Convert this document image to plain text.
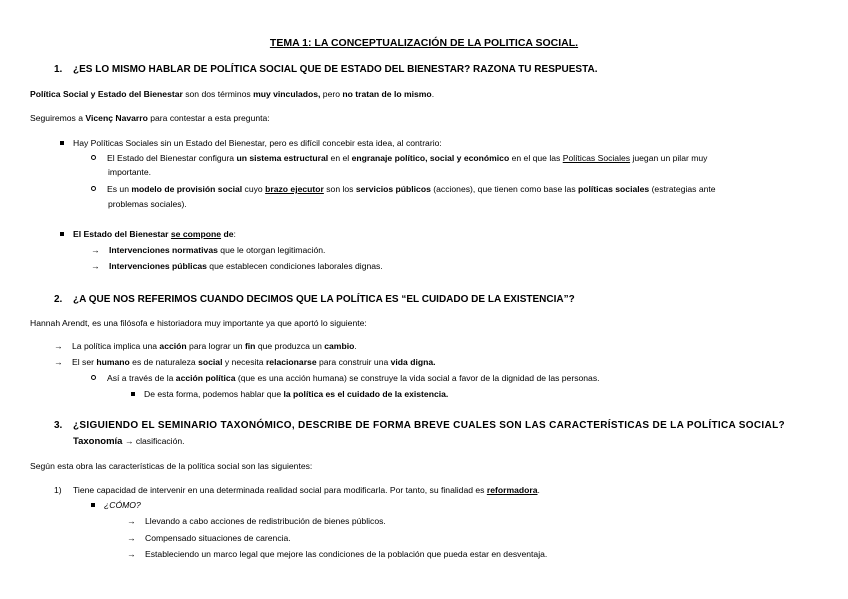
TEMA 1: LA CONCEPTUALIZACIÓN DE LA POLITICA SOCIAL.
1. ¿ES LO MISMO HABLAR DE POLÍTICA SOCIAL QUE DE ESTADO DEL BIENESTAR? RAZONA TU RESPUESTA.
Política Social y Estado del Bienestar son dos términos muy vinculados, pero no tratan de lo mismo.
Seguiremos a Vicenç Navarro para contestar a esta pregunta:
Hay Políticas Sociales sin un Estado del Bienestar, pero es difícil concebir esta idea, al contrario:
El Estado del Bienestar configura un sistema estructural en el engranaje político, social y económico en el que las Políticas Sociales juegan un pilar muy
importante.
Es un modelo de provisión social cuyo brazo ejecutor son los servicios públicos (acciones), que tienen como base las políticas sociales (estrategias ante
problemas sociales).
El Estado del Bienestar se compone de:
→ Intervenciones normativas que le otorgan legitimación.
→ Intervenciones públicas que establecen condiciones laborales dignas.
2. ¿A QUE NOS REFERIMOS CUANDO DECIMOS QUE LA POLÍTICA ES “EL CUIDADO DE LA EXISTENCIA”?
Hannah Arendt, es una filósofa e historiadora muy importante ya que aportó lo siguiente:
→ La política implica una acción para lograr un fin que produzca un cambio.
→ El ser humano es de naturaleza social y necesita relacionarse para construir una vida digna.
Así a través de la acción política (que es una acción humana) se construye la vida social a favor de la dignidad de las personas.
De esta forma, podemos hablar que la política es el cuidado de la existencia.
3. ¿SIGUIENDO EL SEMINARIO TAXONÓMICO, DESCRIBE DE FORMA BREVE CUALES SON LAS CARACTERÍSTICAS DE LA POLÍTICA SOCIAL?
Taxonomía → clasificación.
Según esta obra las características de la política social son las siguientes:
1) Tiene capacidad de intervenir en una determinada realidad social para modificarla. Por tanto, su finalidad es reformadora.
¿CÓMO?
→ Llevando a cabo acciones de redistribución de bienes públicos.
→ Compensado situaciones de carencia.
→ Estableciendo un marco legal que mejore las condiciones de la población que pueda estar en desventaja.
